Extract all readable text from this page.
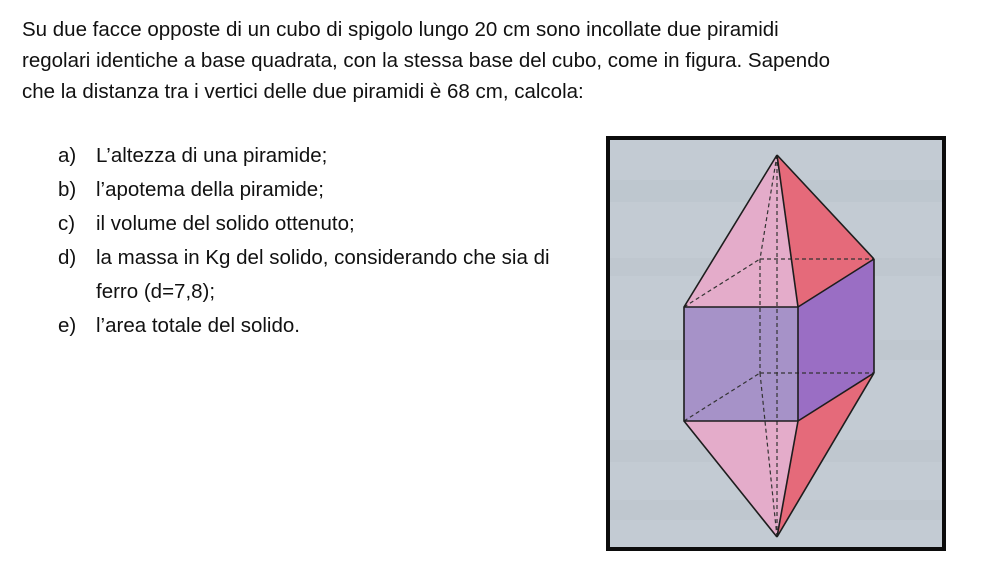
Su due facce opposte di un cubo di spigolo lungo 20 cm sono incollate due piramidi
regolari identiche a base quadrata, con la stessa base del cubo, come in figura. Sapendo
che la distanza tra i vertici delle due piramidi è 68 cm, calcola:
a) L’altezza di una piramide;
b) l’apotema della piramide;
c)	il volume del solido ottenuto;
d) la massa in Kg del solido, considerando che sia di ferro (d=7,8);
e) l’area totale del solido.
